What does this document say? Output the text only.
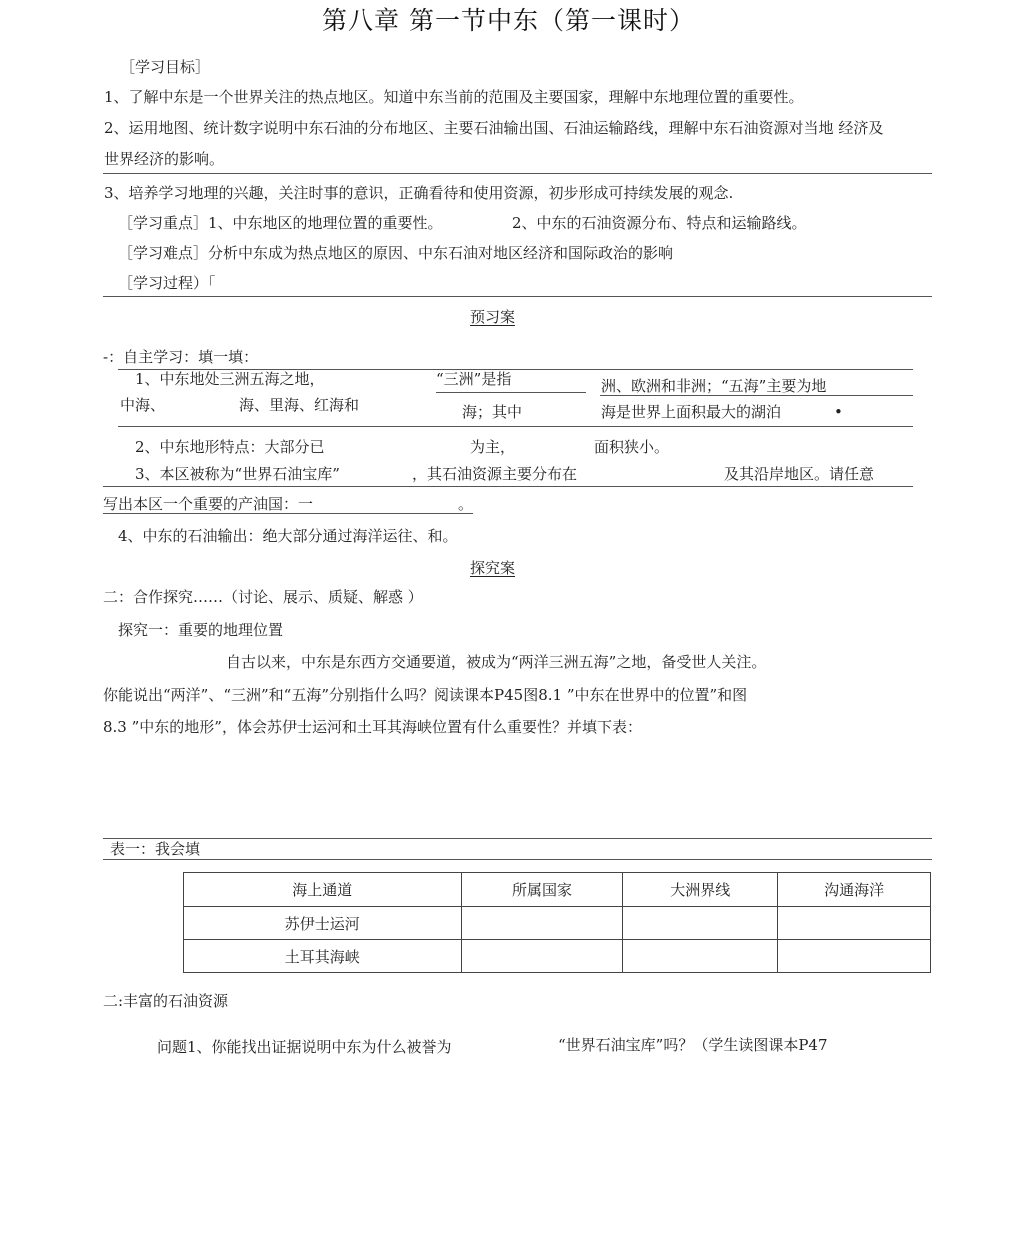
第八章 第一节中东（第一课时）
［学习目标］
1、了解中东是一个世界关注的热点地区。知道中东当前的范围及主要国家，理解中东地理位置的重要性。
2、运用地图、统计数字说明中东石油的分布地区、主要石油输出国、石油运输路线，理解中东石油资源对当地 经济及
世界经济的影响。
3、培养学习地理的兴趣，关注时事的意识，正确看待和使用资源，初步形成可持续发展的观念.
［学习重点］1、中东地区的地理位置的重要性。	2、中东的石油资源分布、特点和运输路线。
［学习难点］分析中东成为热点地区的原因、中东石油对地区经济和国际政治的影响
［学习过程）「
预习案
-：自主学习：填一填：
1、中东地处三洲五海之地，	“三洲”是指	洲、欧洲和非洲；“五海”主要为地
中海、	海、里海、红海和	海；其中	海是世界上面积最大的湖泊	•
2、中东地形特点：大部分已	为主，	面积狭小。
3、本区被称为“世界石油宝库”	，其石油资源主要分布在	及其沿岸地区。请任意
写出本区一个重要的产油国：一	。
4、中东的石油输出：绝大部分通过海洋运往、和。
探究案
二：合作探究……（讨论、展示、质疑、解惑 ）
探究一：重要的地理位置
自古以来，中东是东西方交通要道，被成为“两洋三洲五海”之地，备受世人关注。
你能说出“两洋”、“三洲”和“五海”分别指什么吗？阅读课本P45图8.1 ”中东在世界中的位置”和图
8.3 ”中东的地形”，体会苏伊士运河和土耳其海峡位置有什么重要性？并填下表：
表一：我会填
海上通道	所属国家	大洲界线	沟通海洋
苏伊士运河			
土耳其海峡			
二:丰富的石油资源
问题1、你能找出证据说明中东为什么被誉为	“世界石油宝库”吗？（学生读图课本P47
